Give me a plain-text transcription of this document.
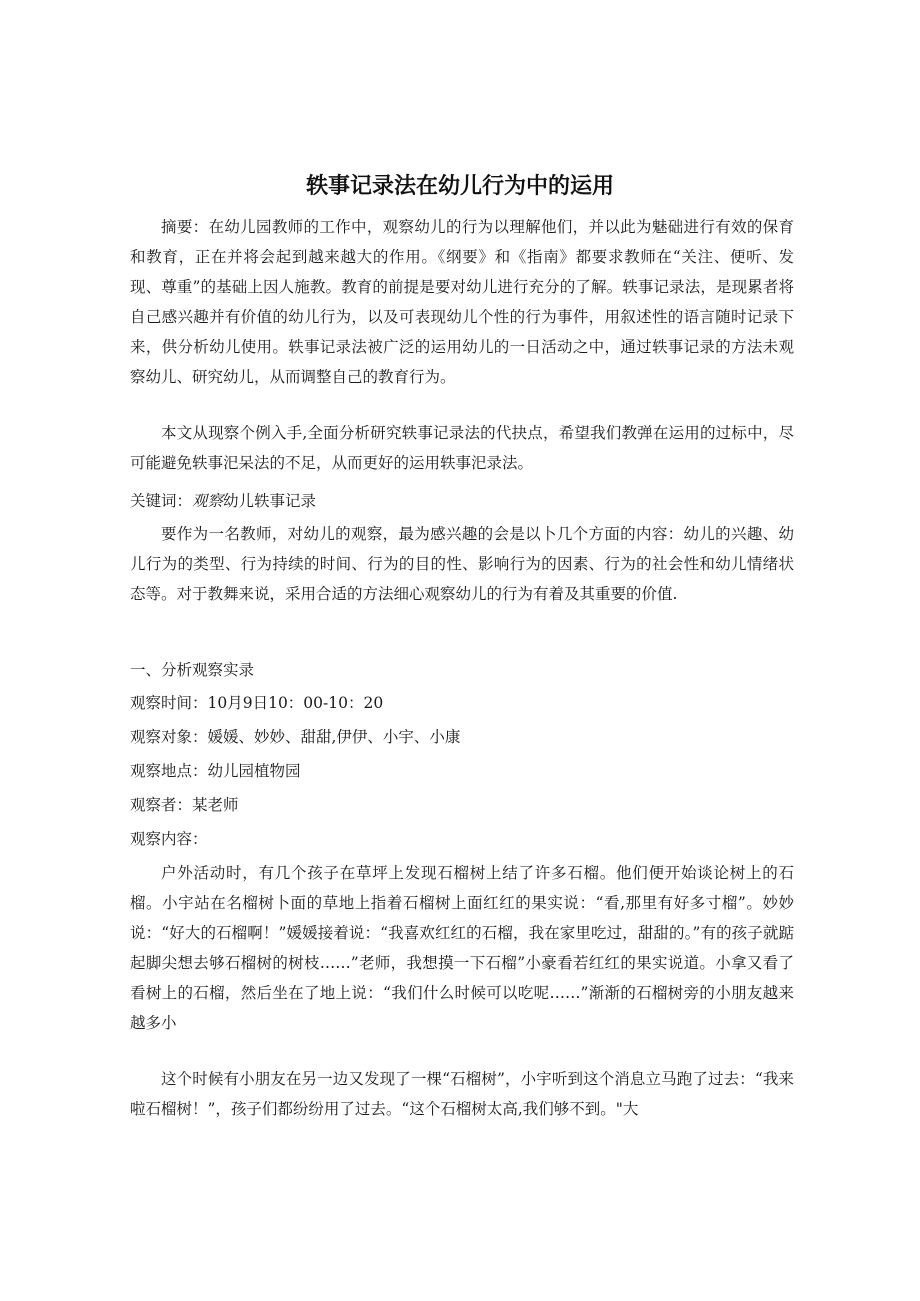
轶事记录法在幼儿行为中的运用
摘要：在幼儿园教师的工作中，观察幼儿的行为以理解他们，并以此为魅础进行有效的保育和教育，正在并将会起到越来越大的作用。《纲要》和《指南》都要求教师在“关注、便听、发现、尊重”的基础上因人施教。教育的前提是要对幼儿进行充分的了解。轶事记录法，是现累者将自己感兴趣并有价值的幼儿行为，以及可表现幼儿个性的行为事件，用叙述性的语言随时记录下来，供分析幼儿使用。轶事记录法被广泛的运用幼儿的一日活动之中，通过轶事记录的方法未观察幼儿、研究幼儿，从而调整自己的教育行为。
本文从现察个例入手,全面分析研究轶事记录法的代抉点，希望我们教弹在运用的过标中，尽可能避免轶事汜呆法的不足，从而更好的运用轶事汜录法。
关键词：观察幼儿轶事记录
要作为一名教师，对幼儿的观察，最为感兴趣的会是以卜几个方面的内容：幼儿的兴趣、幼儿行为的类型、行为持续的时间、行为的目的性、影响行为的因素、行为的社会性和幼儿情绪状态等。对于教舞来说，采用合适的方法细心观察幼儿的行为有着及其重要的价值.
一、分析观察实录
观察时间：10月9日10：00-10：20
观察对象：媛媛、妙妙、甜甜,伊伊、小宇、小康
观察地点：幼儿园植物园
观察者：某老师
观察内容：
户外活动时，有几个孩子在草坪上发现石榴树上结了许多石榴。他们便开始谈论树上的石榴。小宇站在名榴树卜面的草地上指着石榴树上面红红的果实说：“看,那里有好多寸榴”。妙妙说：“好大的石榴啊！”媛媛接着说：“我喜欢红红的石榴，我在家里吃过，甜甜的。”有的孩子就踮起脚尖想去够石榴树的树枝……”老师，我想摸一下石榴”小豪看若红红的果实说道。小拿又看了看树上的石榴，然后坐在了地上说：“我们什么时候可以吃呢……”渐渐的石榴树旁的小朋友越来越多小
这个时候有小朋友在另一边又发现了一棵“石榴树”，小宇听到这个消息立马跑了过去：“我来啦石榴树！”，孩子们都纷纷用了过去。“这个石榴树太高,我们够不到。"大
